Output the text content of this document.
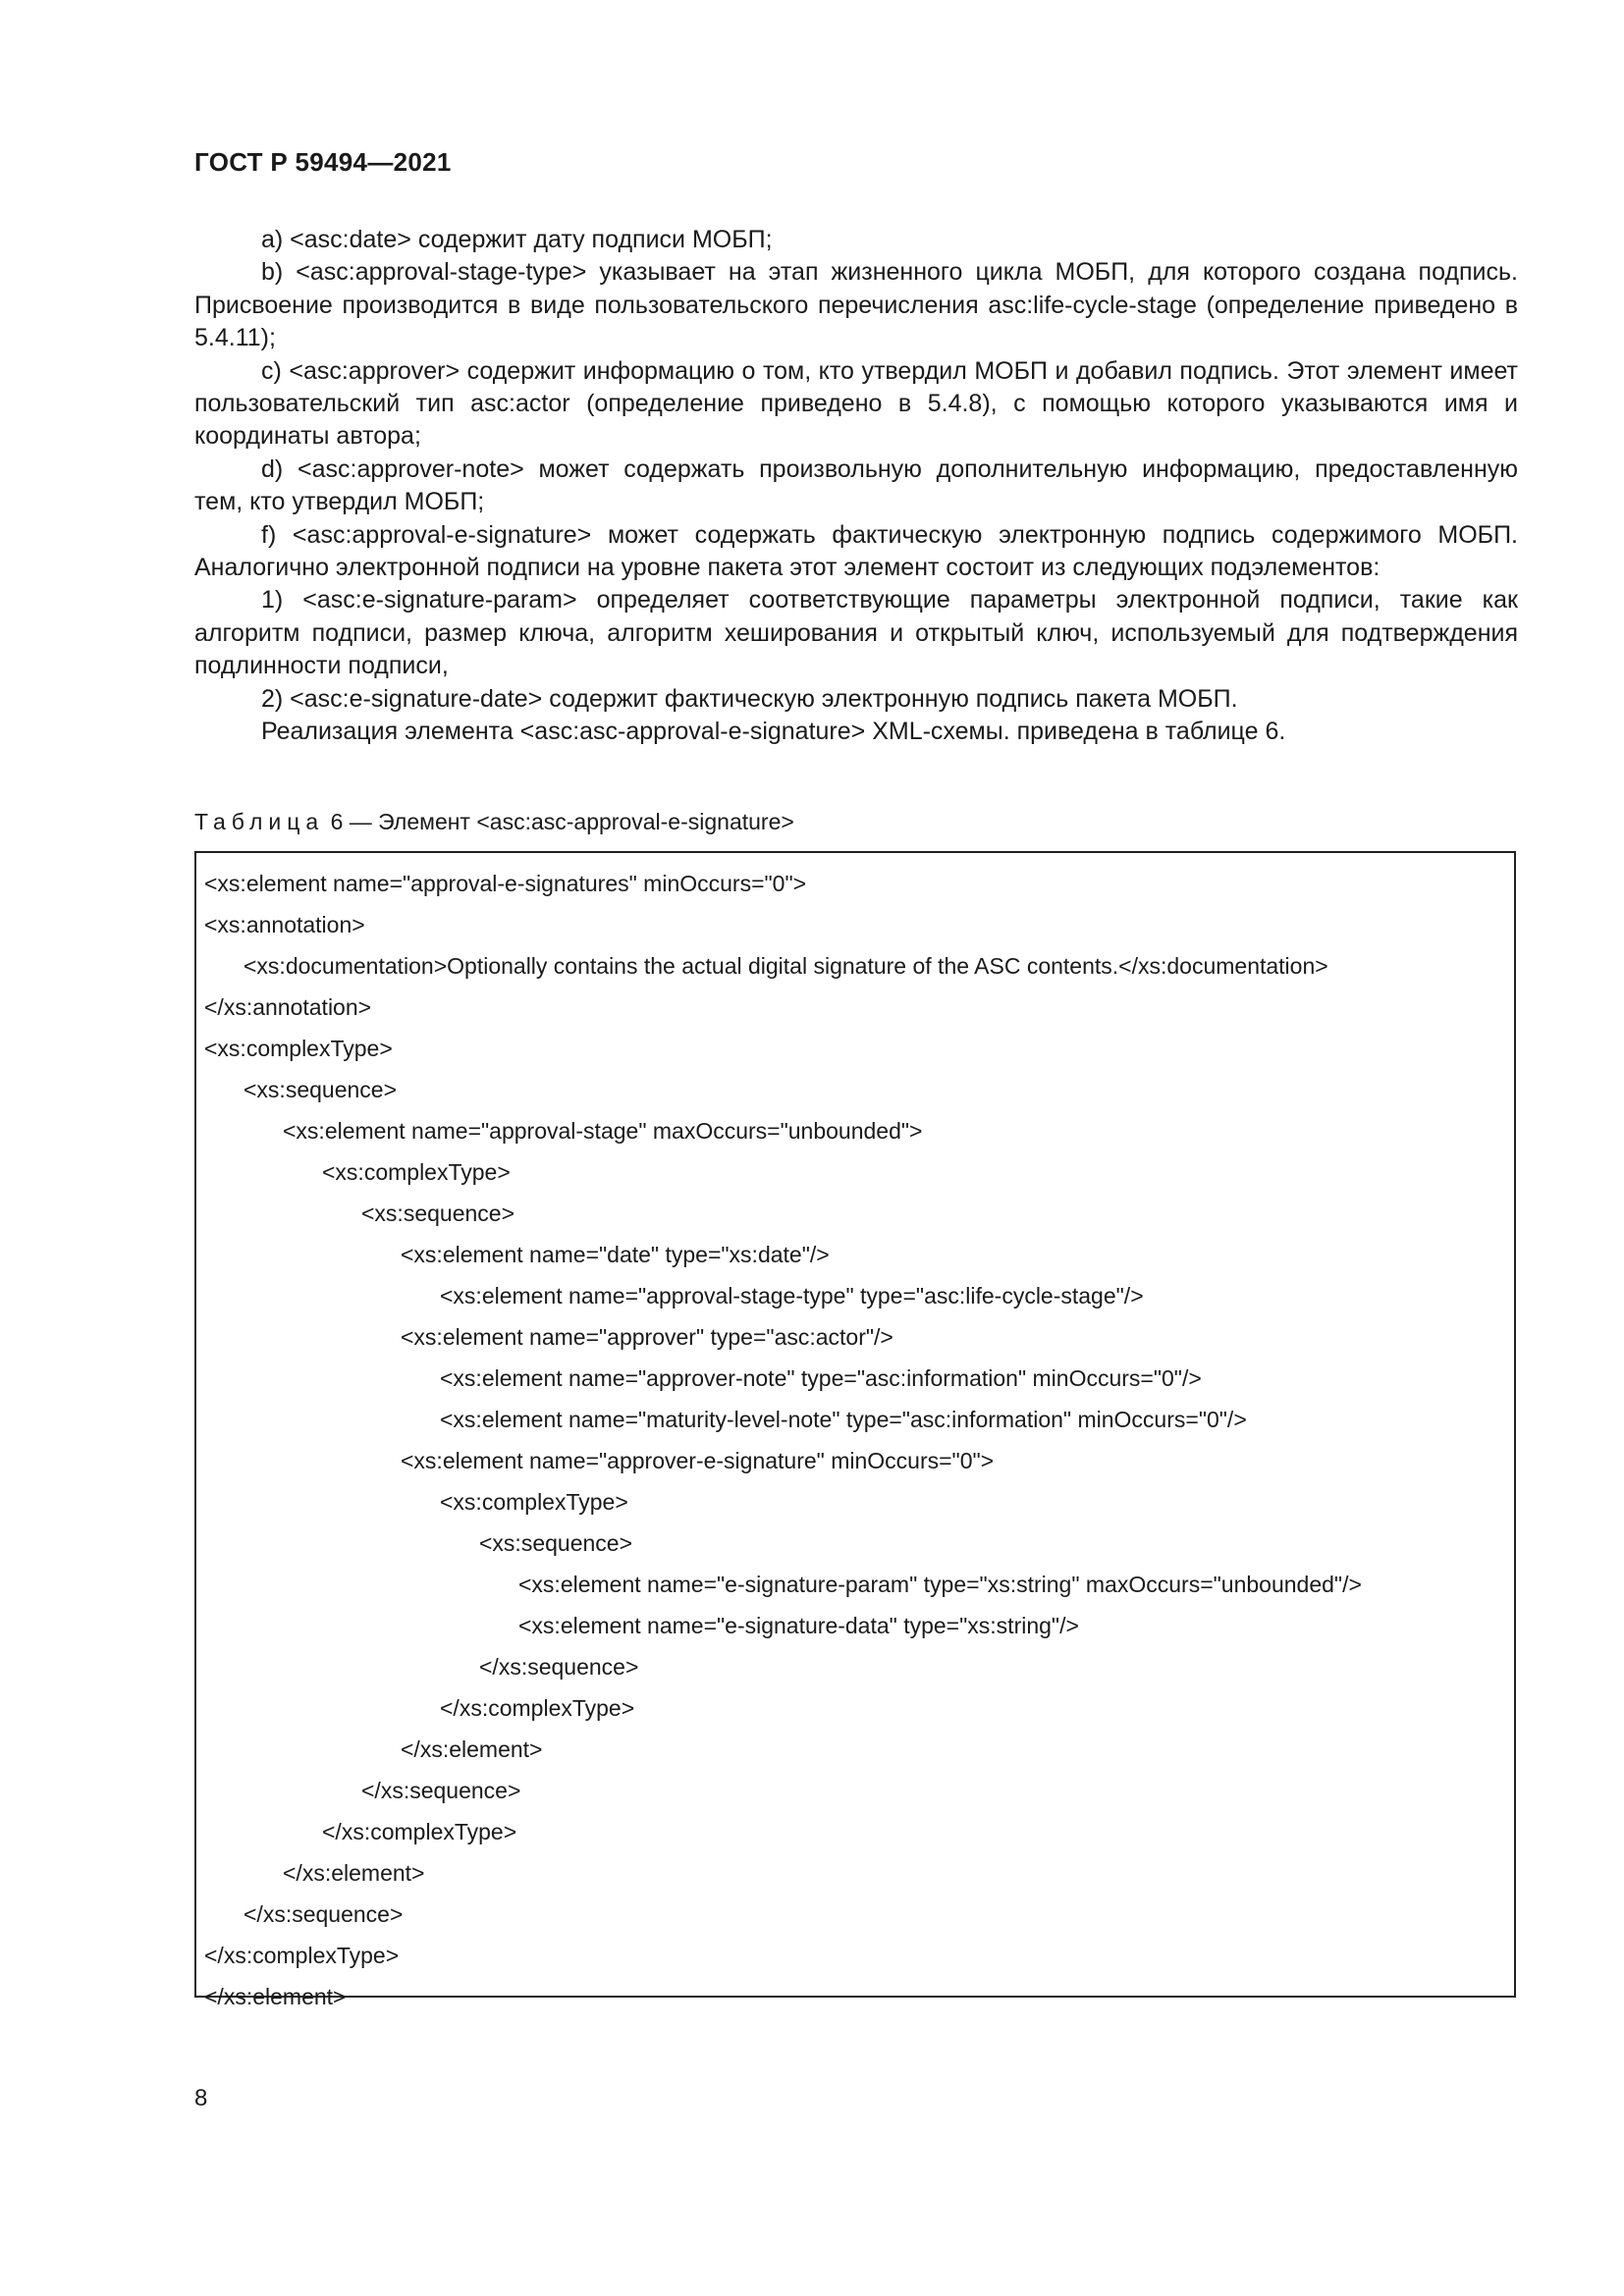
ГОСТ Р 59494—2021

а) <asc:date> содержит дату подписи МОБП;

b) <asc:approval-stage-type> указывает на этап жизненного цикла МОБП, для которого создана подпись. Присвоение производится в виде пользовательского перечисления asc:life-cycle-stage (определение приведено в 5.4.11);

с) <asc:approver> содержит информацию о том, кто утвердил МОБП и добавил подпись. Этот элемент имеет пользовательский тип asc:actor (определение приведено в 5.4.8), с помощью которого указываются имя и координаты автора;

d) <asc:approver-note> может содержать произвольную дополнительную информацию, предоставленную тем, кто утвердил МОБП;

f) <asc:approval-e-signature> может содержать фактическую электронную подпись содержимого МОБП. Аналогично электронной подписи на уровне пакета этот элемент состоит из следующих подэлементов:

1) <asc:e-signature-param> определяет соответствующие параметры электронной подписи, такие как алгоритм подписи, размер ключа, алгоритм хеширования и открытый ключ, используемый для подтверждения подлинности подписи,

2) <asc:e-signature-date> содержит фактическую электронную подпись пакета МОБП.

Реализация элемента <asc:asc-approval-e-signature> XML-схемы. приведена в таблице 6.

Таблица 6 — Элемент <asc:asc-approval-e-signature>
<xs:element name="approval-e-signatures" minOccurs="0">
<xs:annotation>
<xs:documentation>Optionally contains the actual digital signature of the ASC contents.</xs:documentation>
</xs:annotation>
<xs:complexType>
<xs:sequence>
<xs:element name="approval-stage" maxOccurs="unbounded">
<xs:complexType>
<xs:sequence>
<xs:element name="date" type="xs:date"/>
<xs:element name="approval-stage-type" type="asc:life-cycle-stage"/>
<xs:element name="approver" type="asc:actor"/>
<xs:element name="approver-note" type="asc:information" minOccurs="0"/>
<xs:element name="maturity-level-note" type="asc:information" minOccurs="0"/>
<xs:element name="approver-e-signature" minOccurs="0">
<xs:complexType>
<xs:sequence>
<xs:element name="e-signature-param" type="xs:string" maxOccurs="unbounded"/>
<xs:element name="e-signature-data" type="xs:string"/>
</xs:sequence>
</xs:complexType>
</xs:element>
</xs:sequence>
</xs:complexType>
</xs:element>
</xs:sequence>
</xs:complexType>
</xs:element>
8
